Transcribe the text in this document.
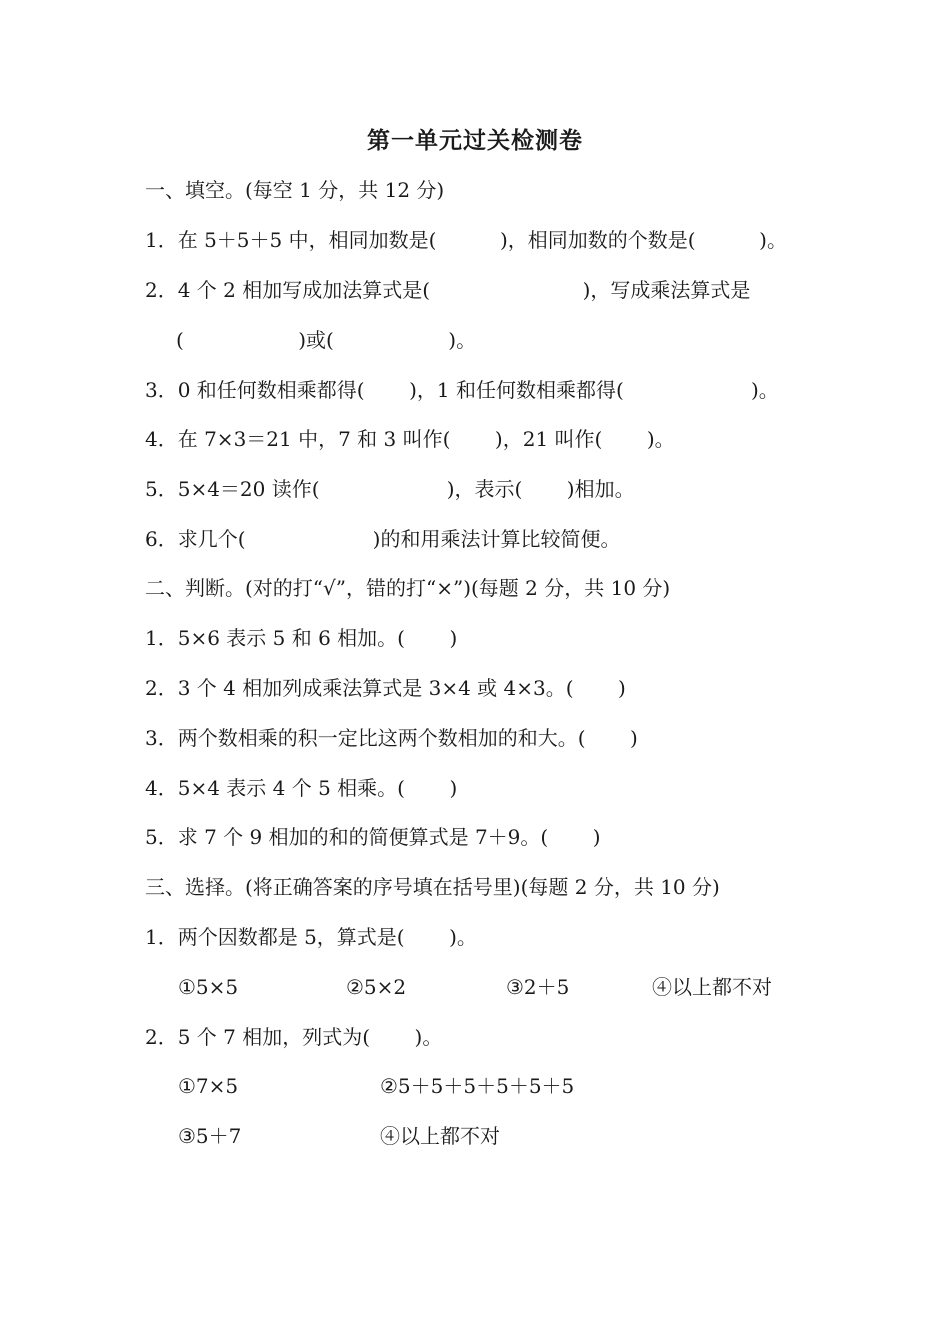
第一单元过关检测卷
一、填空。(每空 1 分，共 12 分)
1．在 5＋5＋5 中，相同加数是(          )，相同加数的个数是(          )。
2．4 个 2 相加写成加法算式是(                        )，写成乘法算式是
(                  )或(                  )。
3．0 和任何数相乘都得(       )，1 和任何数相乘都得(                    )。
4．在 7×3＝21 中，7 和 3 叫作(       )，21 叫作(       )。
5．5×4＝20 读作(                    )，表示(       )相加。
6．求几个(                    )的和用乘法计算比较简便。
二、判断。(对的打“√”，错的打“×”)(每题 2 分，共 10 分)
1．5×6 表示 5 和 6 相加。(       )
2．3 个 4 相加列成乘法算式是 3×4 或 4×3。(       )
3．两个数相乘的积一定比这两个数相加的和大。(       )
4．5×4 表示 4 个 5 相乘。(       )
5．求 7 个 9 相加的和的简便算式是 7＋9。(       )
三、选择。(将正确答案的序号填在括号里)(每题 2 分，共 10 分)
1．两个因数都是 5，算式是(       )。
①5×5	②5×2	③2＋5	④以上都不对
2．5 个 7 相加，列式为(       )。
①7×5	②5＋5＋5＋5＋5＋5
③5＋7	④以上都不对
